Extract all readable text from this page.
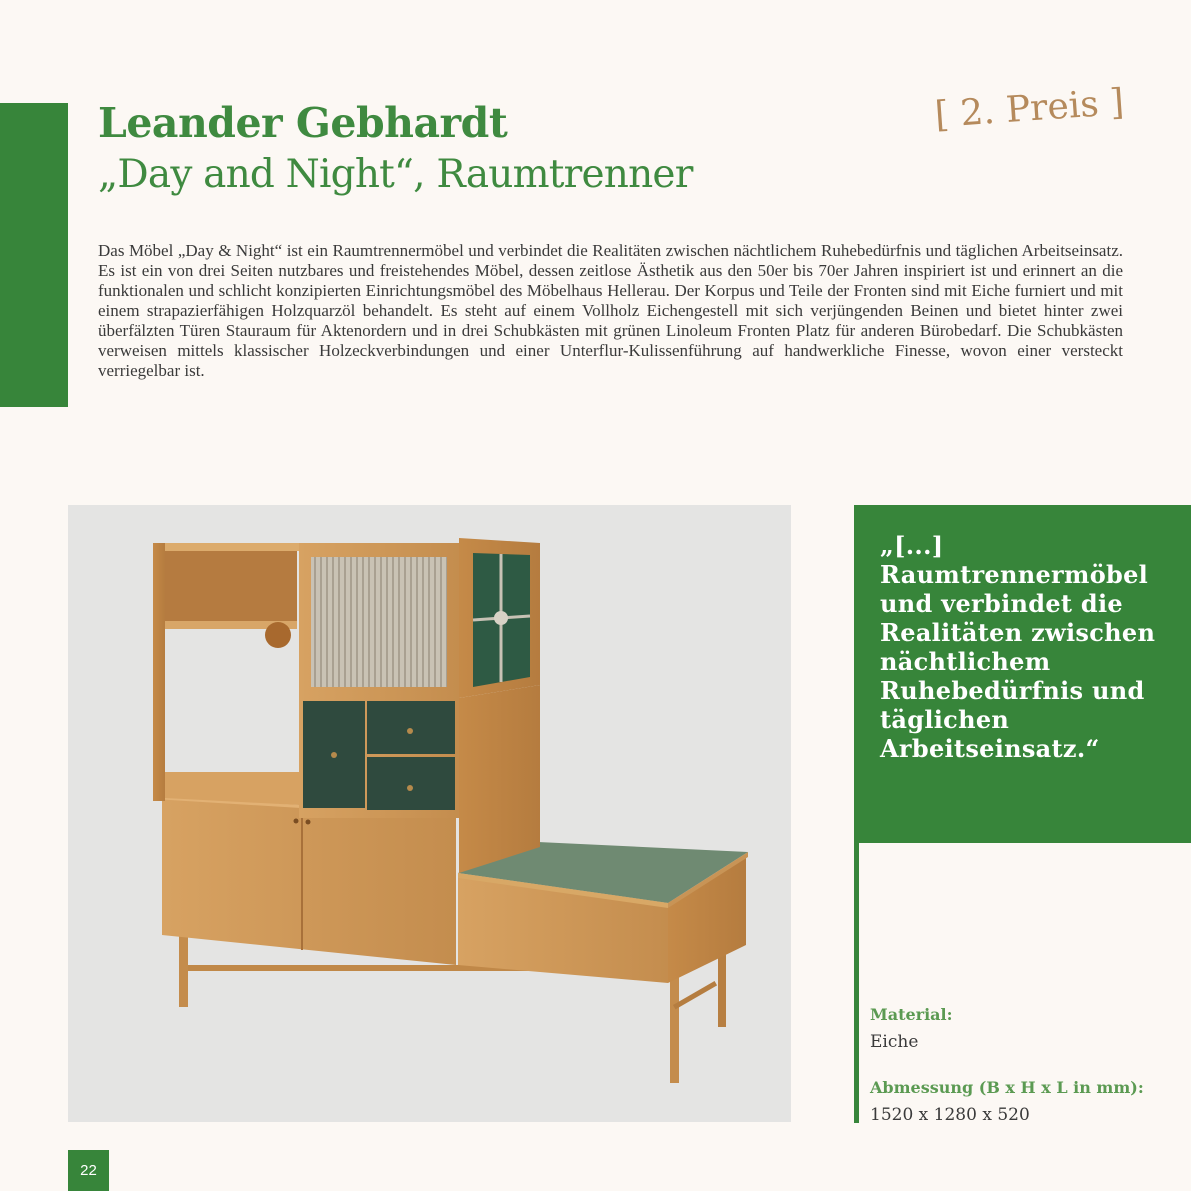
Leander Gebhardt
„Day and Night“, Raumtrenner
[ 2. Preis ]

Das Möbel „Day & Night“ ist ein Raumtrennermöbel und verbindet die Realitäten zwischen nächtlichem Ruhebedürfnis und täglichen Arbeitseinsatz. Es ist ein von drei Seiten nutzbares und freistehendes Möbel, dessen zeitlose Ästhetik aus den 50er bis 70er Jahren inspiriert ist und erinnert an die funktionalen und schlicht konzipierten Einrichtungsmöbel des Möbelhaus Hellerau. Der Korpus und Teile der Fronten sind mit Eiche furniert und mit einem strapazierfähigen Holzquarzöl behandelt. Es steht auf einem Vollholz Eichengestell mit sich verjüngenden Beinen und bietet hinter zwei überfälzten Türen Stauraum für Aktenordern und in drei Schubkästen mit grünen Linoleum Fronten Platz für anderen Bürobedarf. Die Schubkästen verweisen mittels klassischer Holzeckverbindungen und einer Unterflur-Kulissenführung auf handwerkliche Finesse, wovon einer versteckt verriegelbar ist.

„[...] Raumtrennermöbel und verbindet die Realitäten zwischen nächtlichem Ruhebedürfnis und täglichen Arbeitseinsatz.“

Material:

Eiche

Abmessung (B x H x L in mm):

1520 x 1280 x 520

22
